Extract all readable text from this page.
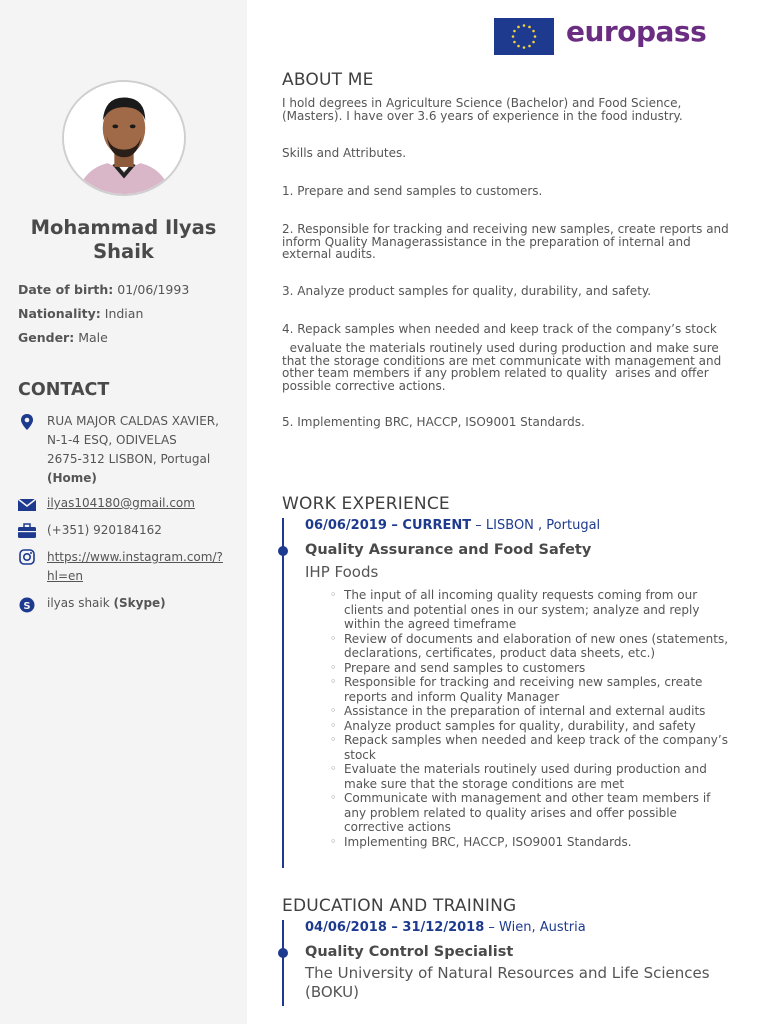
Mohammad Ilyas Shaik
Date of birth: 01/06/1993
Nationality: Indian
Gender: Male
CONTACT
RUA MAJOR CALDAS XAVIER,
N-1-4 ESQ, ODIVELAS
2675-312 LISBON, Portugal
(Home)
ilyas104180@gmail.com
(+351) 920184162
https://www.instagram.com/?hl=en
S ilyas shaik (Skype)
europass
ABOUT ME
I hold degrees in Agriculture Science (Bachelor) and Food Science, (Masters). I have over 3.6 years of experience in the food industry.
Skills and Attributes.
1. Prepare and send samples to customers.
2. Responsible for tracking and receiving new samples, create reports and inform Quality Managerassistance in the preparation of internal and external audits.
3. Analyze product samples for quality, durability, and safety.
4. Repack samples when needed and keep track of the company’s stock
evaluate the materials routinely used during production and make sure that the storage conditions are met communicate with management and other team members if any problem related to quality  arises and offer possible corrective actions.
5. Implementing BRC, HACCP, ISO9001 Standards.
WORK EXPERIENCE
06/06/2019 – CURRENT – LISBON , Portugal
Quality Assurance and Food Safety
IHP Foods
◦ The input of all incoming quality requests coming from our clients and potential ones in our system; analyze and reply within the agreed timeframe
◦ Review of documents and elaboration of new ones (statements, declarations, certificates, product data sheets, etc.)
◦ Prepare and send samples to customers
◦ Responsible for tracking and receiving new samples, create reports and inform Quality Manager
◦ Assistance in the preparation of internal and external audits
◦ Analyze product samples for quality, durability, and safety
◦ Repack samples when needed and keep track of the company’s stock
◦ Evaluate the materials routinely used during production and make sure that the storage conditions are met
◦ Communicate with management and other team members if any problem related to quality arises and offer possible corrective actions
◦ Implementing BRC, HACCP, ISO9001 Standards.
EDUCATION AND TRAINING
04/06/2018 – 31/12/2018 – Wien, Austria
Quality Control Specialist
The University of Natural Resources and Life Sciences (BOKU)
